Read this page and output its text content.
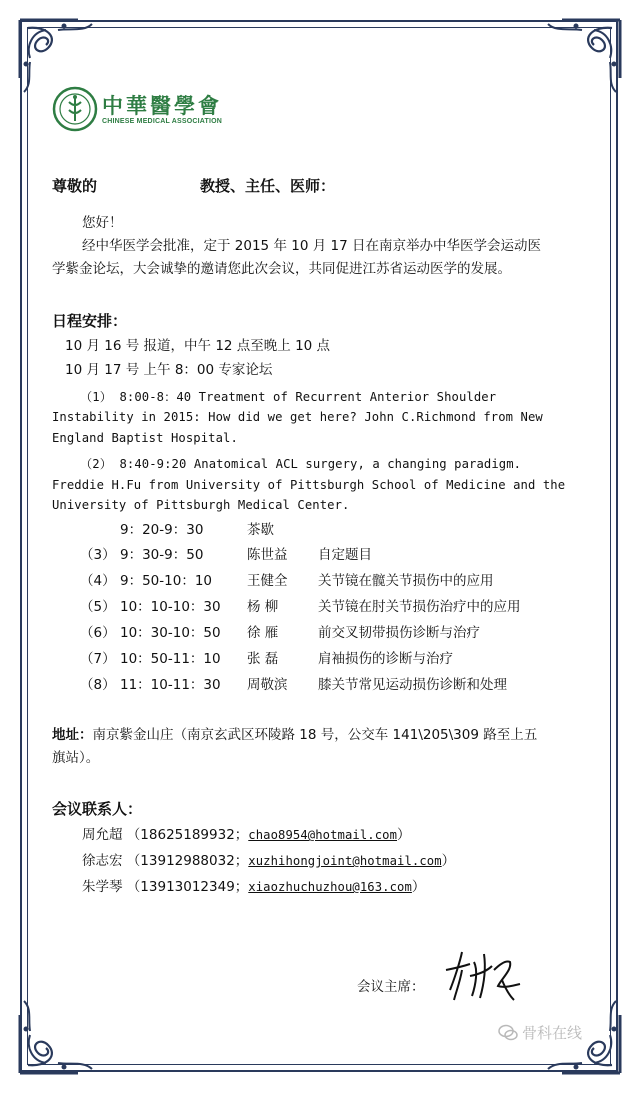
中華醫學會
CHINESE MEDICAL ASSOCIATION
尊敬的	教授、主任、医师：
您好！
经中华医学会批准，定于 2015 年 10 月 17 日在南京举办中华医学会运动医
学紫金论坛，大会诚挚的邀请您此次会议，共同促进江苏省运动医学的发展。
日程安排：
10 月 16 号 报道，中午 12 点至晚上 10 点
10 月 17 号 上午 8：00 专家论坛
（1） 8:00-8：40 Treatment of Recurrent Anterior Shoulder
Instability in 2015: How did we get here? John C.Richmond from New
England Baptist Hospital.
（2） 8:40-9:20 Anatomical ACL surgery, a changing paradigm.
Freddie H.Fu from University of Pittsburgh School of Medicine and the
University of Pittsburgh Medical Center.
9：20-9：30	茶歇
（3） 9：30-9：50	陈世益 自定题目
（4） 9：50-10：10	王健全 关节镜在髋关节损伤中的应用
（5） 10：10-10：30 杨 柳	关节镜在肘关节损伤治疗中的应用
（6） 10：30-10：50 徐 雁	前交叉韧带损伤诊断与治疗
（7） 10：50-11：10 张 磊	肩袖损伤的诊断与治疗
（8） 11：10-11：30 周敬滨 膝关节常见运动损伤诊断和处理
地址：南京紫金山庄（南京玄武区环陵路 18 号，公交车 141\205\309 路至上五
旗站）。
会议联系人：
周允超 （18625189932；chao8954@hotmail.com）
徐志宏 （13912988032；xuzhihongjoint@hotmail.com）
朱学琴 （13913012349；xiaozhuchuzhou@163.com）
会议主席：
骨科在线
